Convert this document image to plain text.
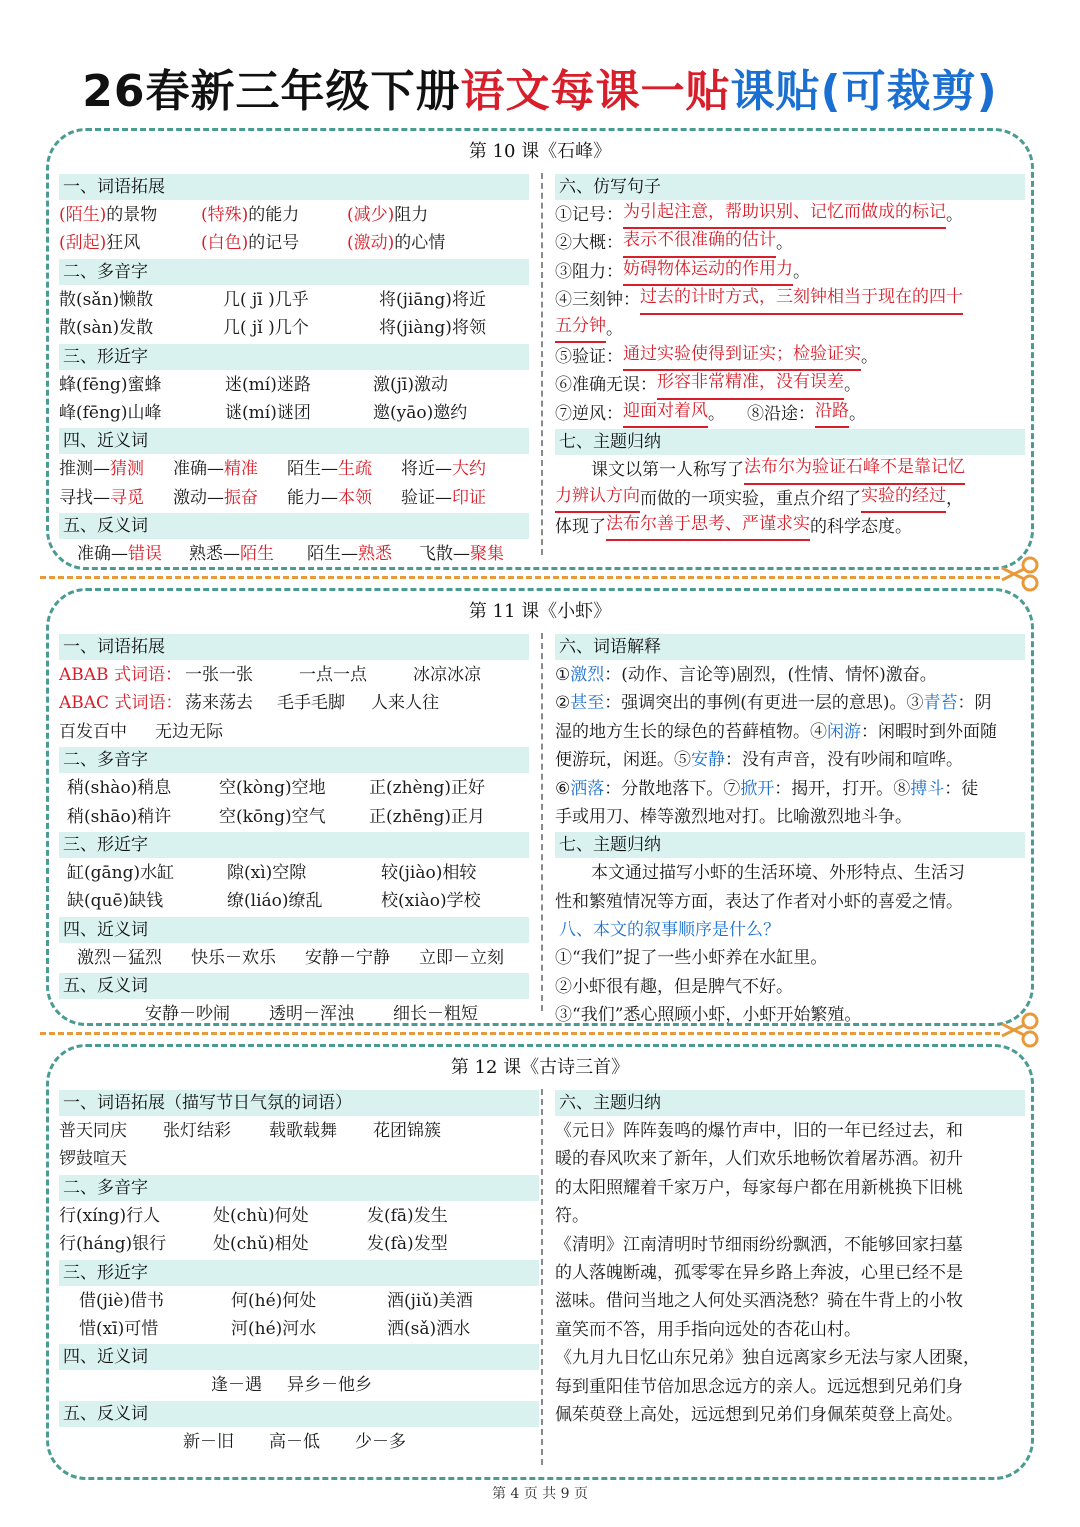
26春新三年级下册语文每课一贴课贴(可裁剪)
第 10 课《石峰》
一、词语拓展
(陌生)的景物	(特殊)的能力	(减少)阻力
(刮起)狂风	(白色)的记号	(激动)的心情
二、多音字
散(sǎn)懒散	几( jī )几乎	将(jiāng)将近
散(sàn)发散	几( jǐ )几个	将(jiàng)将领
三、形近字
蜂(fēng)蜜蜂	迷(mí)迷路	激(jī)激动
峰(fēng)山峰	谜(mí)谜团	邀(yāo)邀约
四、近义词
推测—猜测	准确—精准	陌生—生疏	将近—大约
寻找—寻觅	激动—振奋	能力—本领	验证—印证
五、反义词
准确—错误	熟悉—陌生	陌生—熟悉	飞散—聚集
六、仿写句子
①记号： 为引起注意，帮助识别、记忆而做成的标记 。
②大概： 表示不很准确的估计 。
③阻力： 妨碍物体运动的作用力 。
④三刻钟： 过去的计时方式，三刻钟相当于现在的四十
五分钟 。
⑤验证： 通过实验使得到证实；检验证实 。
⑥准确无误： 形容非常精准，没有误差 。
⑦逆风： 迎面对着风 。 ⑧沿途： 沿路 。
七、主题归纳
课文以第一人称写了 法布尔为验证石峰不是靠记忆
力辨认方向 而做的一项实验，重点介绍了 实验的经过 ，
体现了 法布尔善于思考、严谨求实 的科学态度。
第 11 课《小虾》
一、词语拓展
ABAB 式词语： 一张一张	一点一点	冰凉冰凉
ABAC 式词语： 荡来荡去	毛手毛脚	人来人往
百发百中	无边无际
二、多音字
稍(shào)稍息	空(kòng)空地	正(zhèng)正好
稍(shāo)稍许	空(kōng)空气	正(zhēng)正月
三、形近字
缸(gāng)水缸	隙(xì)空隙	较(jiào)相较
缺(quē)缺钱	缭(liáo)缭乱	校(xiào)学校
四、近义词
激烈－猛烈	快乐－欢乐	安静－宁静	立即－立刻
五、反义词
安静－吵闹	透明－浑浊	细长－粗短
六、词语解释
① 激烈 ：(动作、言论等)剧烈，(性情、情怀)激奋。
② 甚至 ：强调突出的事例(有更进一层的意思)。③ 青苔 ：阴
湿的地方生长的绿色的苔藓植物。④ 闲游 ：闲暇时到外面随
便游玩，闲逛。⑤ 安静 ：没有声音，没有吵闹和喧哗。
⑥ 洒落 ：分散地落下。⑦ 掀开 ：揭开，打开。⑧ 搏斗 ：徒
手或用刀、棒等激烈地对打。比喻激烈地斗争。
七、主题归纳
本文通过描写小虾的生活环境、外形特点、生活习
性和繁殖情况等方面，表达了作者对小虾的喜爱之情。
八、本文的叙事顺序是什么？
①“我们”捉了一些小虾养在水缸里。
②小虾很有趣，但是脾气不好。
③“我们”悉心照顾小虾，小虾开始繁殖。
第 12 课《古诗三首》
一、词语拓展（描写节日气氛的词语）
普天同庆	张灯结彩	载歌载舞	花团锦簇
锣鼓喧天
二、多音字
行(xíng)行人	处(chù)何处	发(fā)发生
行(háng)银行	处(chǔ)相处	发(fà)发型
三、形近字
借(jiè)借书	何(hé)何处	酒(jiǔ)美酒
惜(xī)可惜	河(hé)河水	洒(sǎ)洒水
四、近义词
逢－遇	异乡－他乡
五、反义词
新－旧	高－低	少－多
六、主题归纳
《元日》阵阵轰鸣的爆竹声中，旧的一年已经过去，和
暖的春风吹来了新年，人们欢乐地畅饮着屠苏酒。初升
的太阳照耀着千家万户，每家每户都在用新桃换下旧桃
符。
《清明》江南清明时节细雨纷纷飘洒，不能够回家扫墓
的人落魄断魂，孤零零在异乡路上奔波，心里已经不是
滋味。借问当地之人何处买酒浇愁？骑在牛背上的小牧
童笑而不答，用手指向远处的杏花山村。
《九月九日忆山东兄弟》独自远离家乡无法与家人团聚，
每到重阳佳节倍加思念远方的亲人。远远想到兄弟们身
佩茱萸登上高处，远远想到兄弟们身佩茱萸登上高处。
第 4 页 共 9 页
